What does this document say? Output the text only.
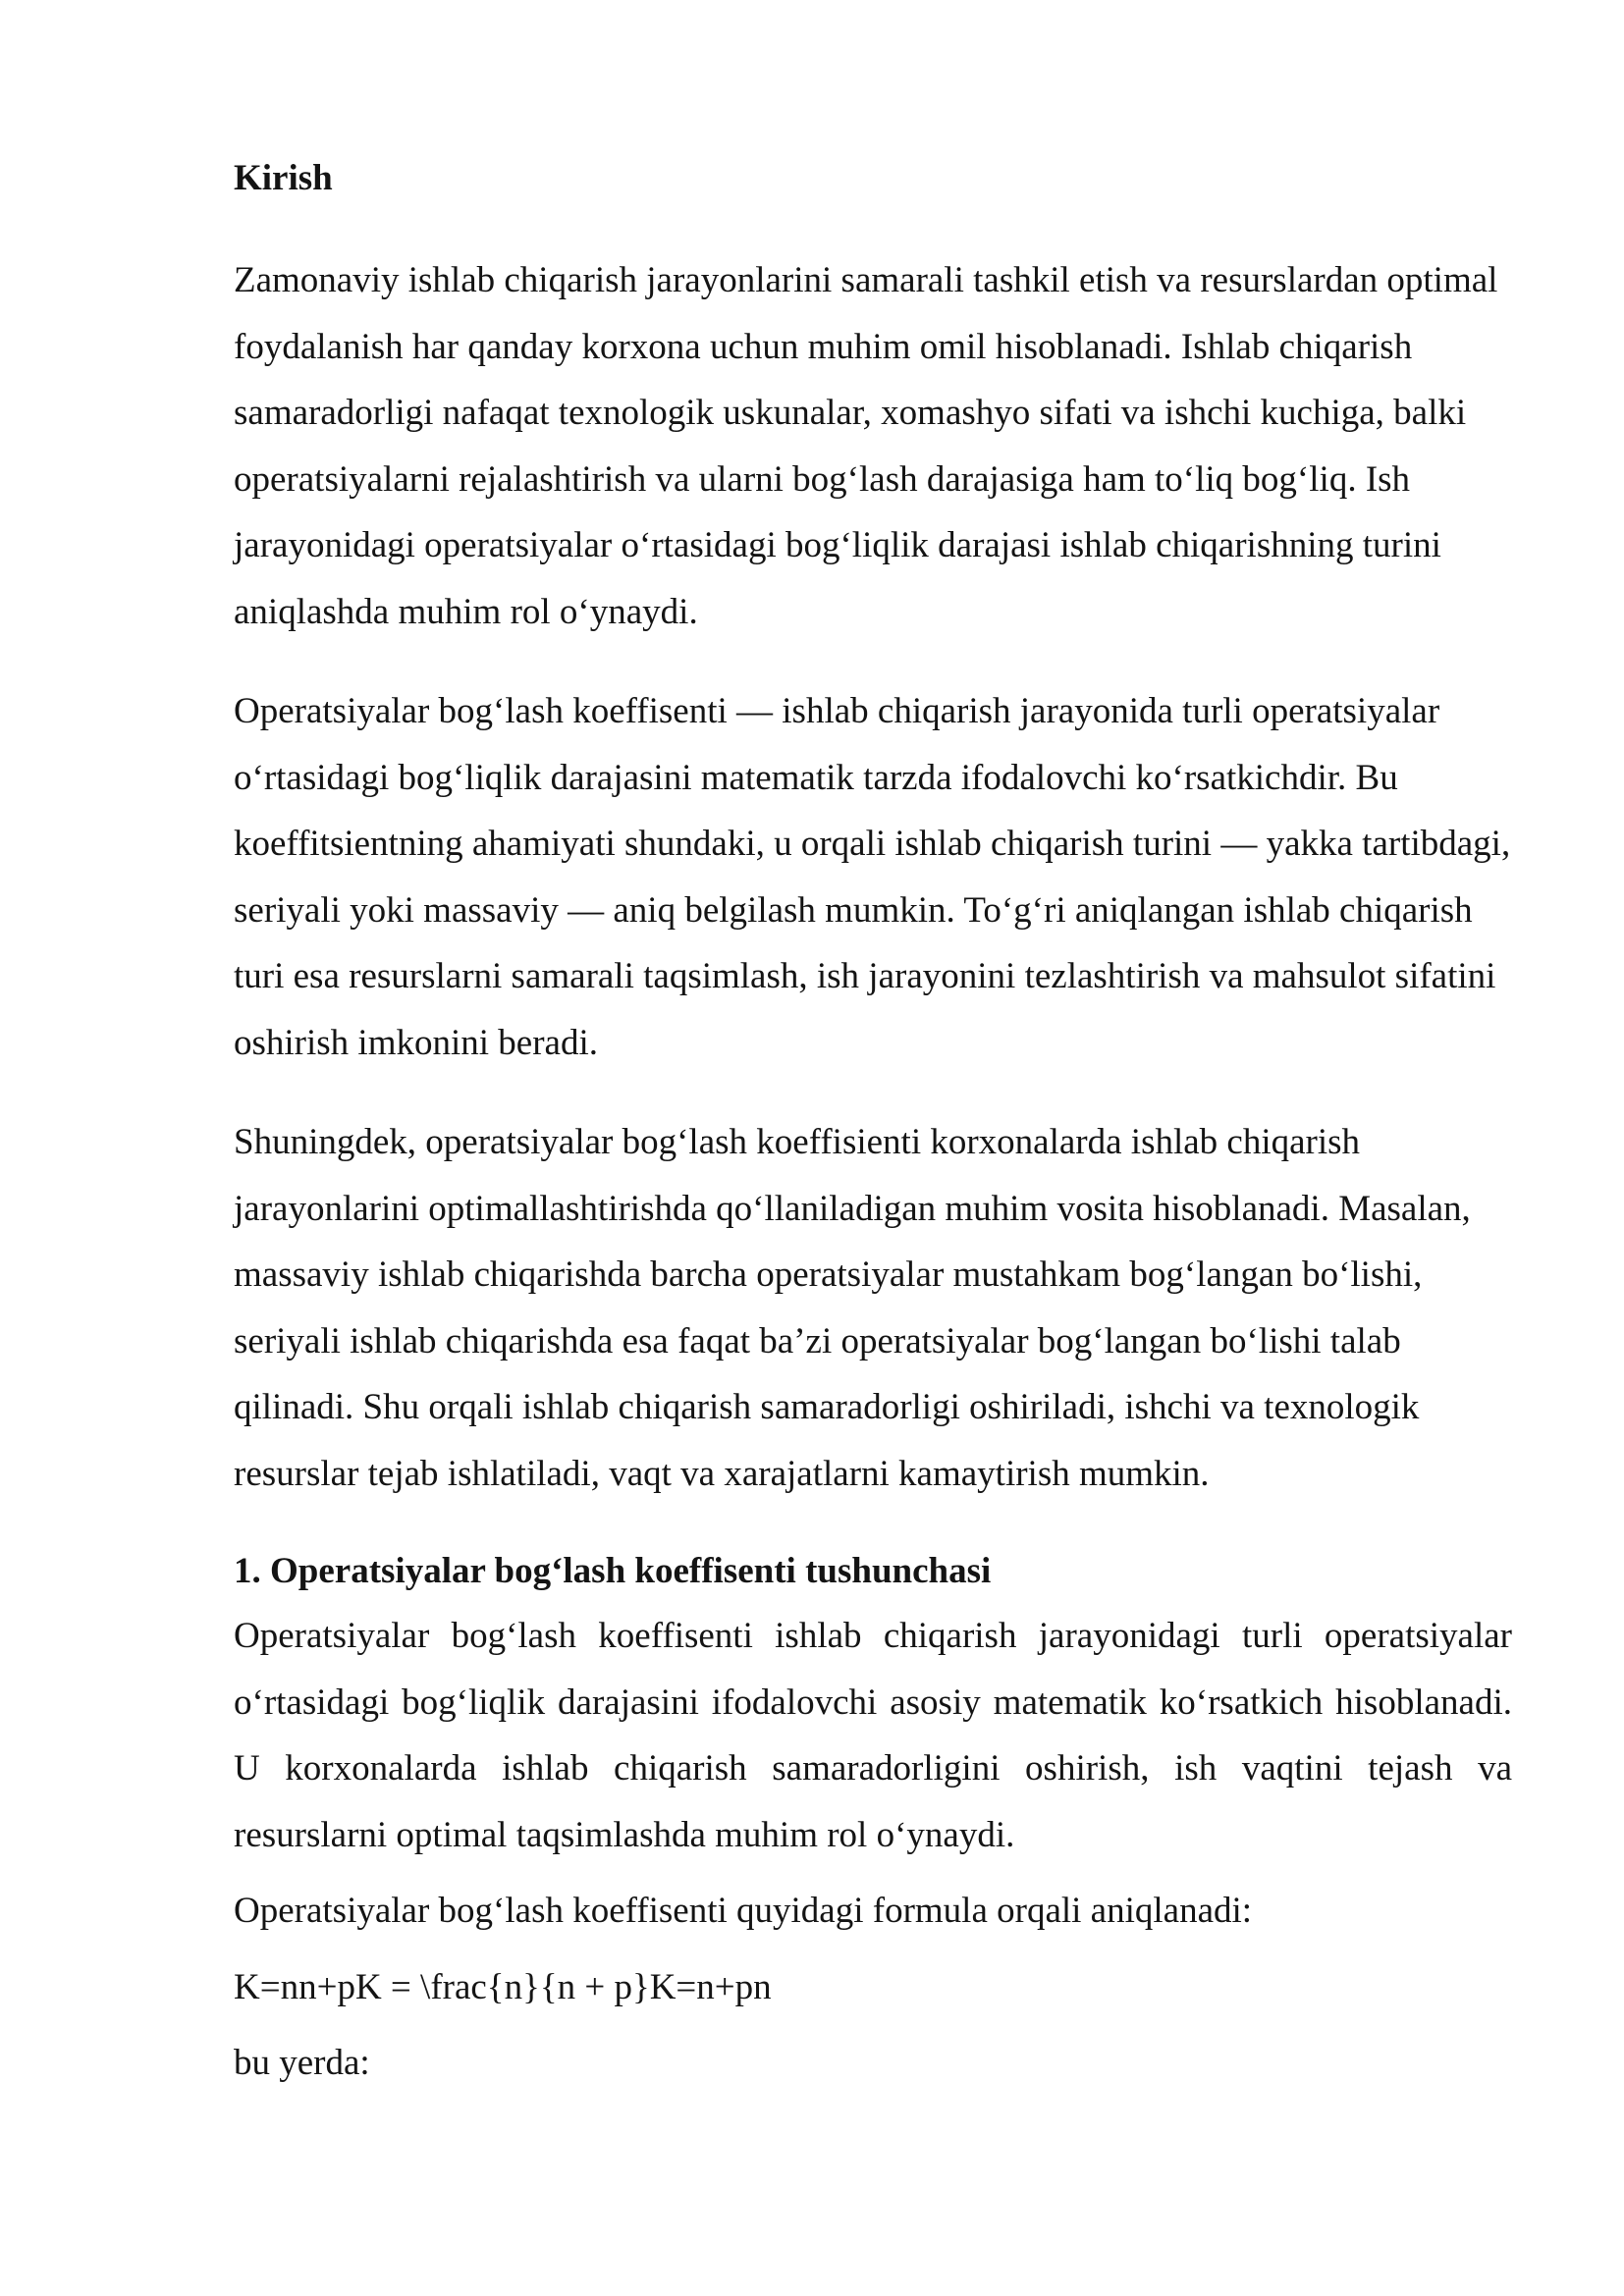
Kirish

Zamonaviy ishlab chiqarish jarayonlarini samarali tashkil etish va resurslardan optimal foydalanish har qanday korxona uchun muhim omil hisoblanadi. Ishlab chiqarish samaradorligi nafaqat texnologik uskunalar, xomashyo sifati va ishchi kuchiga, balki operatsiyalarni rejalashtirish va ularni bog‘lash darajasiga ham to‘liq bog‘liq. Ish jarayonidagi operatsiyalar o‘rtasidagi bog‘liqlik darajasi ishlab chiqarishning turini aniqlashda muhim rol o‘ynaydi.

Operatsiyalar bog‘lash koeffisenti — ishlab chiqarish jarayonida turli operatsiyalar o‘rtasidagi bog‘liqlik darajasini matematik tarzda ifodalovchi ko‘rsatkichdir. Bu koeffitsientning ahamiyati shundaki, u orqali ishlab chiqarish turini — yakka tartibdagi, seriyali yoki massaviy — aniq belgilash mumkin. To‘g‘ri aniqlangan ishlab chiqarish turi esa resurslarni samarali taqsimlash, ish jarayonini tezlashtirish va mahsulot sifatini oshirish imkonini beradi.

Shuningdek, operatsiyalar bog‘lash koeffisienti korxonalarda ishlab chiqarish jarayonlarini optimallashtirishda qo‘llaniladigan muhim vosita hisoblanadi. Masalan, massaviy ishlab chiqarishda barcha operatsiyalar mustahkam bog‘langan bo‘lishi, seriyali ishlab chiqarishda esa faqat ba’zi operatsiyalar bog‘langan bo‘lishi talab qilinadi. Shu orqali ishlab chiqarish samaradorligi oshiriladi, ishchi va texnologik resurslar tejab ishlatiladi, vaqt va xarajatlarni kamaytirish mumkin.

1. Operatsiyalar bog‘lash koeffisenti tushunchasi

Operatsiyalar bog‘lash koeffisenti ishlab chiqarish jarayonidagi turli operatsiyalar o‘rtasidagi bog‘liqlik darajasini ifodalovchi asosiy matematik ko‘rsatkich hisoblanadi. U korxonalarda ishlab chiqarish samaradorligini oshirish, ish vaqtini tejash va resurslarni optimal taqsimlashda muhim rol o‘ynaydi.

Operatsiyalar bog‘lash koeffisenti quyidagi formula orqali aniqlanadi:

K=nn+pK = \frac{n}{n + p}K=n+pn

bu yerda:
